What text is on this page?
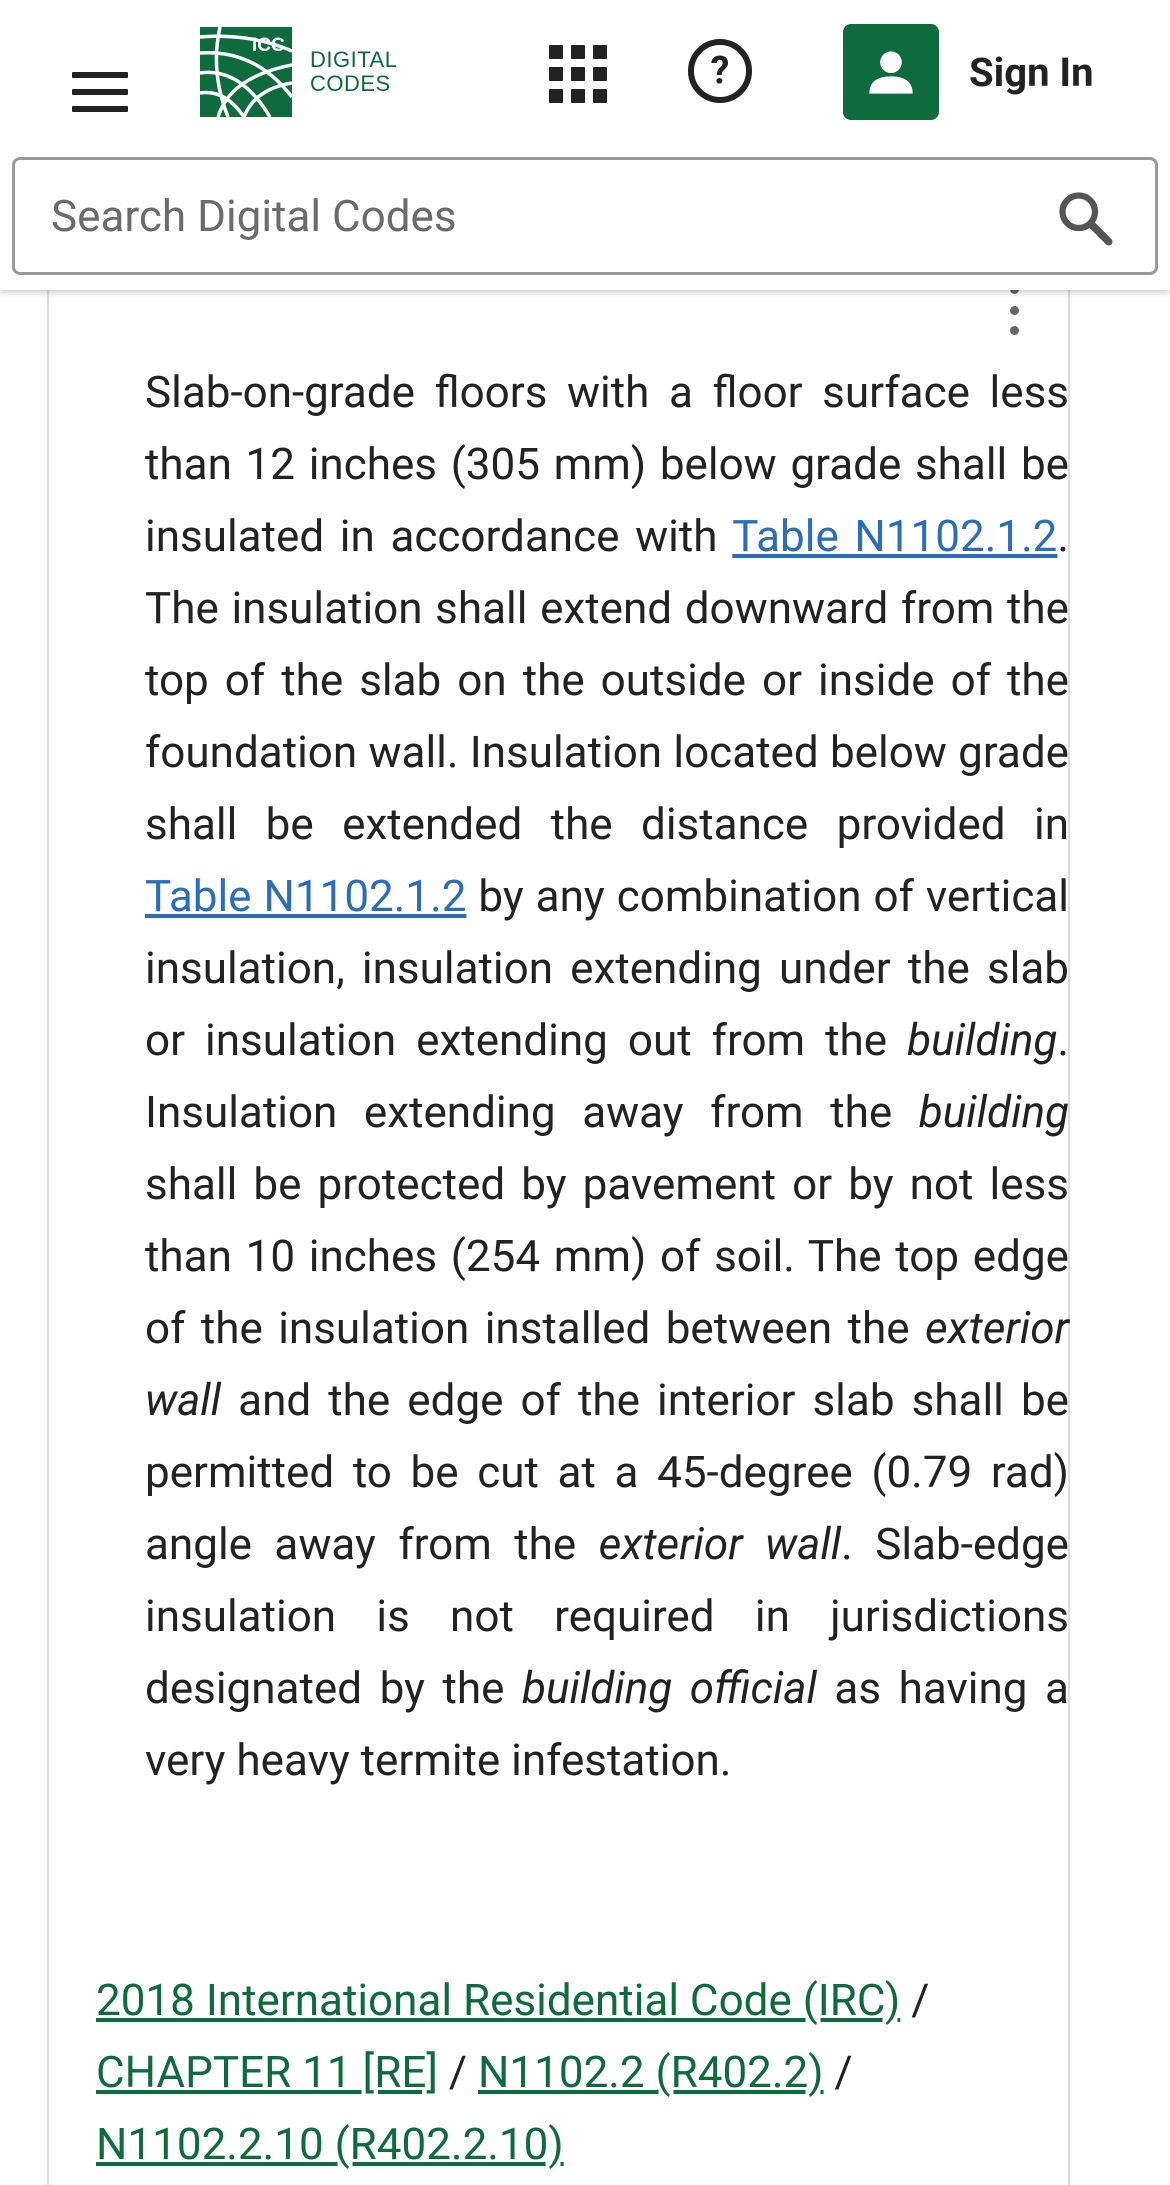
Slab-on-grade floors with a floor surface less than 12 inches (305 mm) below grade shall be insulated in accordance with Table N1102.1.2. The insulation shall extend downward from the top of the slab on the outside or inside of the foundation wall. Insulation located below grade shall be extended the distance provided in Table N1102.1.2 by any combination of vertical insulation, insulation extending under the slab or insulation extending out from the building. Insulation extending away from the building shall be protected by pavement or by not less than 10 inches (254 mm) of soil. The top edge of the insulation installed between the exterior wall and the edge of the interior slab shall be permitted to be cut at a 45-degree (0.79 rad) angle away from the exterior wall. Slab-edge insulation is not required in jurisdictions designated by the building official as having a very heavy termite infestation.
2018 International Residential Code (IRC) / CHAPTER 11 [RE] / N1102.2 (R402.2) / N1102.2.10 (R402.2.10)
ICC
DIGITAL
CODES	?	Sign In
Search Digital Codes
